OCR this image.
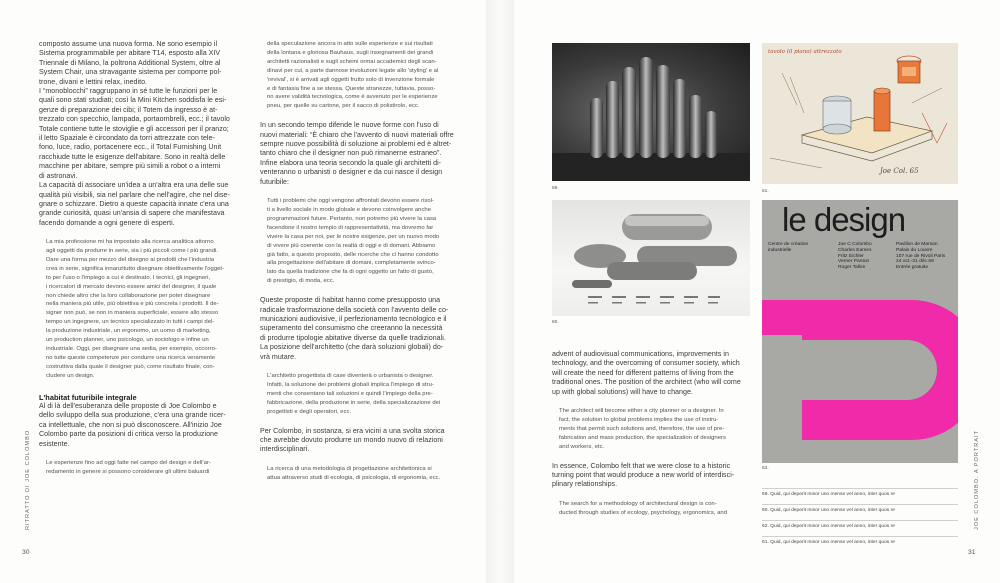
composto assume una nuova forma. Ne sono esempio il
Sistema programmabile per abitare T14, esposto alla XIV
Triennale di Milano, la poltrona Additional System, oltre al
System Chair, una stravagante sistema per comporre pol-
trone, divani e lettini relax, inedito.
I “monoblocchi” raggruppano in sé tutte le funzioni per le
quali sono stati studiati; così la Mini Kitchen soddisfa le esi-
genze di preparazione dei cibi; il Totem da ingresso è at-
trezzato con specchio, lampada, portaombrelli, ecc.; il tavolo
Totale contiene tutte le stoviglie e gli accessori per il pranzo;
il letto Spaziale è circondato da torri attrezzate con tele-
fono, luce, radio, portacenere ecc., il Total Furnishing Unit
racchiude tutte le esigenze dell'abitare. Sono in realtà delle
macchine per abitare, sempre più simili a robot o a interni
di astronavi.
La capacità di associare un'idea a un'altra era una delle sue
qualità più visibili, sia nel parlare che nell'agire, che nel dise-
gnare o schizzare. Dietro a queste capacità innate c'era una
grande curiosità, quasi un'ansia di sapere che manifestava
facendo domande a ogni genere di esperti.
La mia professione mi ha impostato alla ricerca analitica attorno
agli oggetti da produrre in serie, sia i più piccoli come i più grandi.
Dare una forma per mezzo del disegno ai prodotti che l'industria
crea in serie, significa innanzitutto disegnare obiettivamente l'ogget-
to per l'uso o l'impiego a cui è destinato. I tecnici, gli ingegneri,
i ricercatori di mercato devono essere amici del designer, il quale
non chiede altro che la loro collaborazione per poter disegnare
nella maniera più utile, più obiettiva e più concreta i prodotti. Il de-
signer non può, se non in maniera superficiale, essere allo stesso
tempo un ingegnere, un tecnico specializzato in tutti i campi del-
la produzione industriale, un ergonomo, un uomo di marketing,
un production planner, uno psicologo, un sociologo e infine un
industriale. Oggi, per disegnare una sedia, per esempio, occorro-
no tutte queste competenze per condurre una ricerca veramente
costruttiva dalla quale il designer può, come risultato finale, con-
cludere un design.
L'habitat futuribile integrale
Al di là dell'esuberanza delle proposte di Joe Colombo e
dello sviluppo della sua produzione, c'era una grande ricer-
ca intellettuale, che non si può disconoscere. All'inizio Joe
Colombo parte da posizioni di critica verso la produzione
esistente.
Le esperienze fino ad oggi fatte nel campo del design e dell'ar-
redamento in genere si possono considerare gli ultimi baluardi
della speculazione ancora in atto sulle esperienze e sui risultati
della lontana e gloriosa Bauhaus, sugli insegnamenti dei grandi
architetti razionalisti e sugli schemi ormai accademici degli scan-
dinavi per cui, a parte dannose involuzioni legate allo 'styling' e al
'revival', si è arrivati agli oggetti frutto solo di invenzione formale
e di fantasia fine a se stessa. Queste stranezze, tuttavia, posso-
no avere validità tecnologica, come è avvenuto per le esperienze
pneu, per quelle su cartone, per il sacco di polistirolo, ecc.
In un secondo tempo difende le nuove forme con l'uso di
nuovi materiali: “È chiaro che l'avvento di nuovi materiali offre
sempre nuove possibilità di soluzione ai problemi ed è altret-
tanto chiaro che il designer non può rimanerne estraneo”.
Infine elabora una teoria secondo la quale gli architetti di-
venteranno o urbanisti o designer e da cui nasce il design
futuribile:
Tutti i problemi che oggi vengono affrontati devono essere risol-
ti a livello sociale in modo globale e devono coinvolgere anche
programmazioni future. Pertanto, non potremo più vivere la casa
facendone il nostro tempio di rappresentatività, ma dovremo far
vivere la casa per noi, per le nostre esigenze, per un nuovo modo
di vivere più coerente con la realtà di oggi e di domani. Abbiamo
già fatto, a questo proposito, delle ricerche che ci hanno condotto
alla progettazione dell'abitare di domani, completamente svinco-
lato da quella tradizione che fa di ogni oggetto un fatto di gusto,
di prestigio, di moda, ecc.
Queste proposte di habitat hanno come presupposto una
radicale trasformazione della società con l'avvento delle co-
municazioni audiovisive, il perfezionamento tecnologico e il
superamento del consumismo che creeranno la necessità
di produrre tipologie abitative diverse da quelle tradizionali.
La posizione dell'architetto (che darà soluzioni globali) do-
vrà mutare.
L'architetto progettista di case diventerà o urbanista o designer.
Infatti, la soluzione dei problemi globali implica l'impiego di stru-
menti che consentano tali soluzioni e quindi l'impiego della pre-
fabbricazione, della produzione in serie, della specializzazione dei
progettisti e degli operatori, ecc.
Per Colombo, in sostanza, si era vicini a una svolta storica
che avrebbe dovuto produrre un mondo nuovo di relazioni
interdisciplinari.
La ricerca di una metodologia di progettazione architettonica si
attua attraverso studi di ecologia, di psicologia, di ergonomia, ecc.
RITRATTO DI JOE COLOMBO
30
59.
60.
tavolo (il piano) attrezzato
Joe Col. 65
61.
le design
Centre de création
industrielle
Joe C.Colombo
Charles Eames
Fritz Eichler
Verner Panton
Roger Tallon
Pavillon de Marsan
Palais du Louvre
107 rue de Rivoli Paris
24 oct.-31 déc.69
Entrée gratuite
63.
advent of audiovisual communications, improvements in
technology, and the overcoming of consumer society, which
will create the need for different patterns of living from the
traditional ones. The position of the architect (who will come
up with global solutions) will have to change.
The architect will become either a city planner or a designer. In
fact, the solution to global problems implies the use of instru-
ments that permit such solutions and, therefore, the use of pre-
fabrication and mass production, the specialization of designers
and workers, etc.
In essence, Colombo felt that we were close to a historic
turning point that would produce a new world of interdisci-
plinary relationships.
The search for a methodology of architectural design is con-
ducted through studies of ecology, psychology, ergonomics, and
59. Quid, qui deperit minor uno mense vel anno, inter quos re
60. Quid, qui deperit minor uno mense vel anno, inter quos re
62. Quid, qui deperit minor uno mense vel anno, inter quos re
61. Quid, qui deperit minor uno mense vel anno, inter quos re
JOE COLOMBO. A PORTRAIT
31
